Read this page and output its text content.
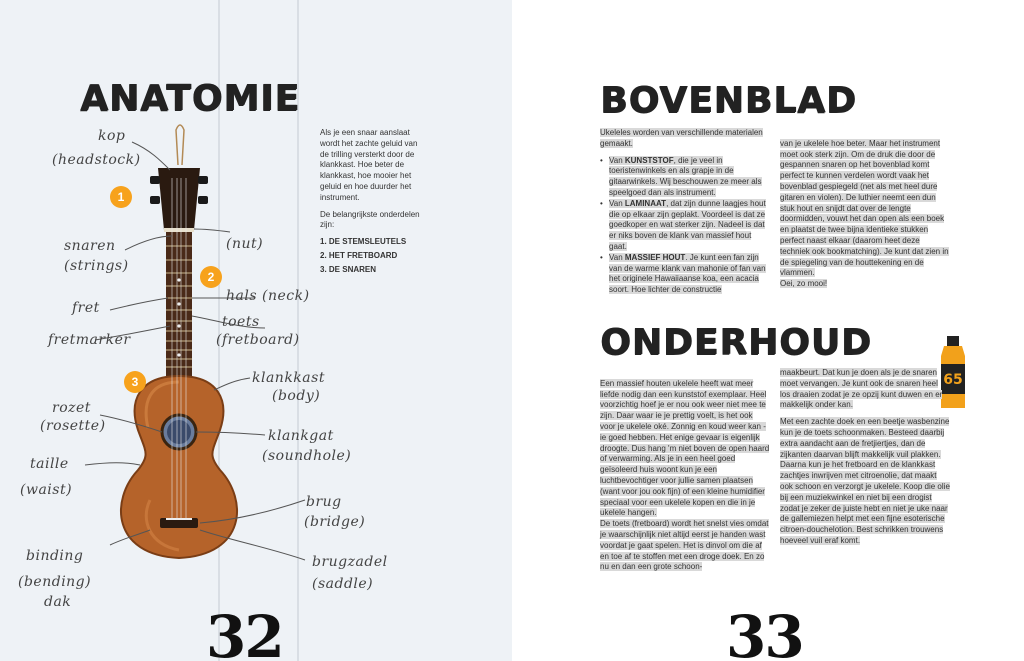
ANATOMIE
1
2
3
kop
(headstock)
snaren
(strings)
(nut)
hals (neck)
fret
fretmarker
toets
(fretboard)
klankkast
(body)
rozet
(rosette)
klankgat
(soundhole)
taille
(waist)
brug
(bridge)
binding
(bending)
dak
brugzadel
(saddle)

Als je een snaar aanslaat wordt het zachte geluid van de trilling versterkt door de klankkast. Hoe beter de klankkast, hoe mooier het geluid en hoe duurder het instrument.

De belangrijkste onderdelen zijn:

1. DE STEMSLEUTELS
2. HET FRETBOARD
3. DE SNAREN
32
BOVENBLAD

Ukeleles worden van verschillende materialen gemaakt.

• Van KUNSTSTOF, die je veel in toeristenwinkels en als grapje in de gitaarwinkels. Wij beschouwen ze meer als speelgoed dan als instrument.
• Van LAMINAAT, dat zijn dunne laagjes hout die op elkaar zijn geplakt. Voordeel is dat ze goedkoper en wat sterker zijn. Nadeel is dat er niks boven de klank van massief hout gaat.
• Van MASSIEF HOUT. Je kunt een fan zijn van de warme klank van mahonie of fan van het originele Hawaiiaanse koa, een acacia soort. Hoe lichter de constructie

van je ukelele hoe beter. Maar het instrument moet ook sterk zijn. Om de druk die door de gespannen snaren op het bovenblad komt perfect te kunnen verdelen wordt vaak het bovenblad gespiegeld (net als met heel dure gitaren en violen). De luthier neemt een dun stuk hout en snijdt dat over de lengte doormidden, vouwt het dan open als een boek en plaatst de twee bijna identieke stukken perfect naast elkaar (daarom heet deze techniek ook bookmatching). Je kunt dat zien in de spiegeling van de houttekening en de vlammen.
Oei, zo mooi!

ONDERHOUD
65

Een massief houten ukelele heeft wat meer liefde nodig dan een kunststof exemplaar. Heel voorzichtig hoef je er nou ook weer niet mee te zijn. Daar waar ie je prettig voelt, is het ook voor je ukelele oké. Zonnig en koud weer kan - ie goed hebben. Het enige gevaar is eigenlijk droogte. Dus hang 'm niet boven de open haard of verwarming. Als je in een heel goed geïsoleerd huis woont kun je een luchtbevochtiger voor jullie samen plaatsen (want voor jou ook fijn) of een kleine humidifier speciaal voor een ukelele kopen en die in je ukelele hangen.
De toets (fretboard) wordt het snelst vies omdat je waarschijnlijk niet altijd eerst je handen wast voordat je gaat spelen. Het is dinvol om die af en toe af te stoffen met een droge doek. En zo nu en dan een grote schoon-

maakbeurt. Dat kun je doen als je de snaren moet vervangen. Je kunt ook de snaren heel los draaien zodat je ze opzij kunt duwen en er makkelijk onder kan.

Met een zachte doek en een beetje wasbenzine kun je de toets schoonmaken. Besteed daarbij extra aandacht aan de fretjiertjes, dan de zijkanten daarvan blijft makkelijk vuil plakken. Daarna kun je het fretboard en de klankkast zachtjes inwrijven met citroenolie, dat maakt ook schoon en verzorgt je ukelele. Koop die olie bij een muziekwinkel en niet bij een drogist zodat je zeker de juiste hebt en niet je uke naar de gallemiezen helpt met een fijne esoterische citroen-douchelotion. Best schrikken trouwens hoeveel vuil eraf komt.

33
